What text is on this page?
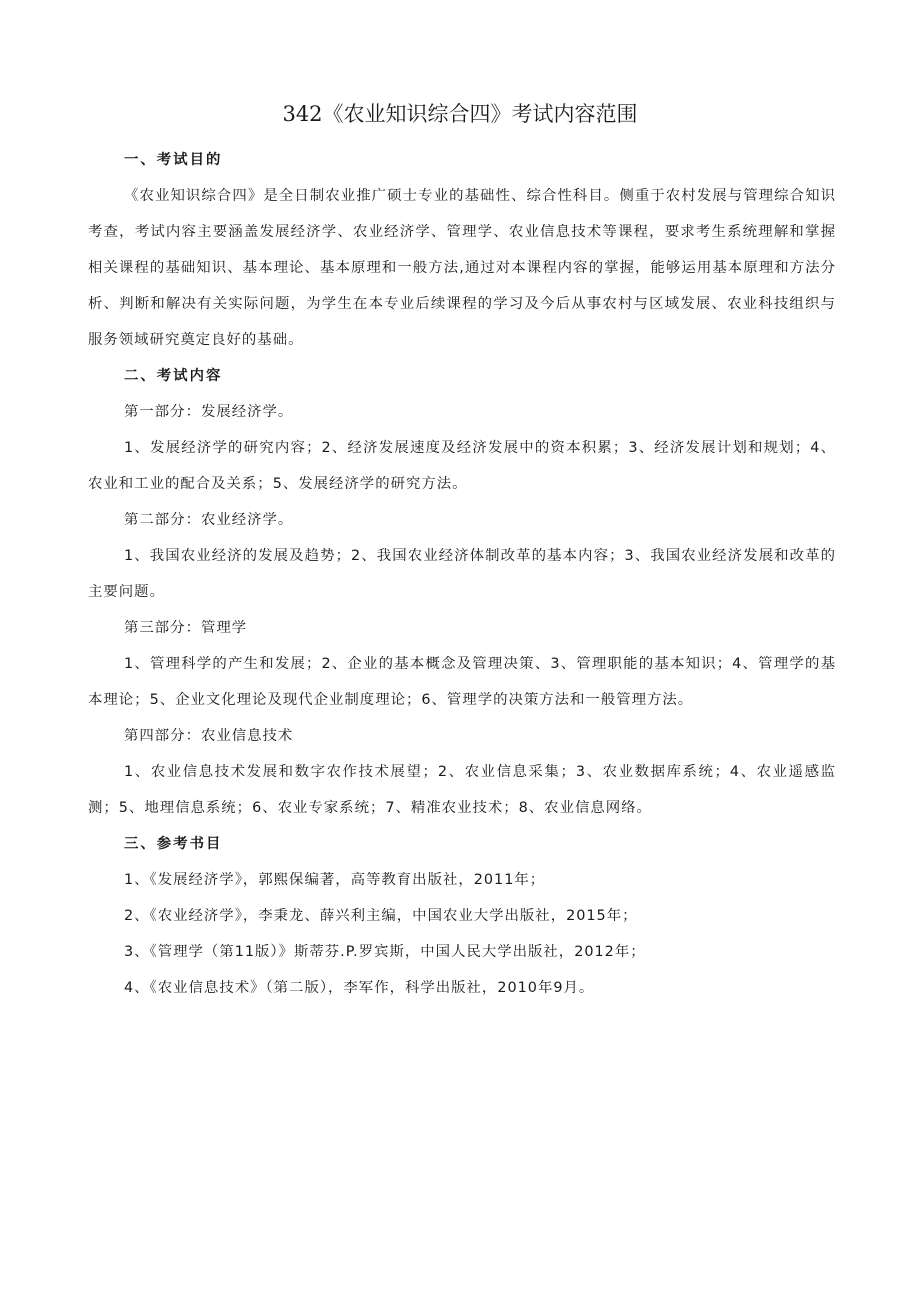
342《农业知识综合四》考试内容范围

一、考试目的

《农业知识综合四》是全日制农业推广硕士专业的基础性、综合性科目。侧重于农村发展与管理综合知识考查，考试内容主要涵盖发展经济学、农业经济学、管理学、农业信息技术等课程，要求考生系统理解和掌握相关课程的基础知识、基本理论、基本原理和一般方法,通过对本课程内容的掌握，能够运用基本原理和方法分析、判断和解决有关实际问题，为学生在本专业后续课程的学习及今后从事农村与区域发展、农业科技组织与服务领域研究奠定良好的基础。

二、考试内容

第一部分：发展经济学。

1、发展经济学的研究内容；2、经济发展速度及经济发展中的资本积累；3、经济发展计划和规划；4、农业和工业的配合及关系；5、发展经济学的研究方法。

第二部分：农业经济学。

1、我国农业经济的发展及趋势；2、我国农业经济体制改革的基本内容；3、我国农业经济发展和改革的主要问题。

第三部分：管理学

1、管理科学的产生和发展；2、企业的基本概念及管理决策、3、管理职能的基本知识；4、管理学的基本理论；5、企业文化理论及现代企业制度理论；6、管理学的决策方法和一般管理方法。

第四部分：农业信息技术

1、农业信息技术发展和数字农作技术展望；2、农业信息采集；3、农业数据库系统；4、农业遥感监测；5、地理信息系统；6、农业专家系统；7、精准农业技术；8、农业信息网络。

三、参考书目

1、《发展经济学》，郭熙保编著，高等教育出版社，2011年；

2、《农业经济学》，李秉龙、薛兴利主编，中国农业大学出版社，2015年；

3、《管理学（第11版）》斯蒂芬.P.罗宾斯，中国人民大学出版社，2012年；

4、《农业信息技术》（第二版），李军作，科学出版社，2010年9月。
